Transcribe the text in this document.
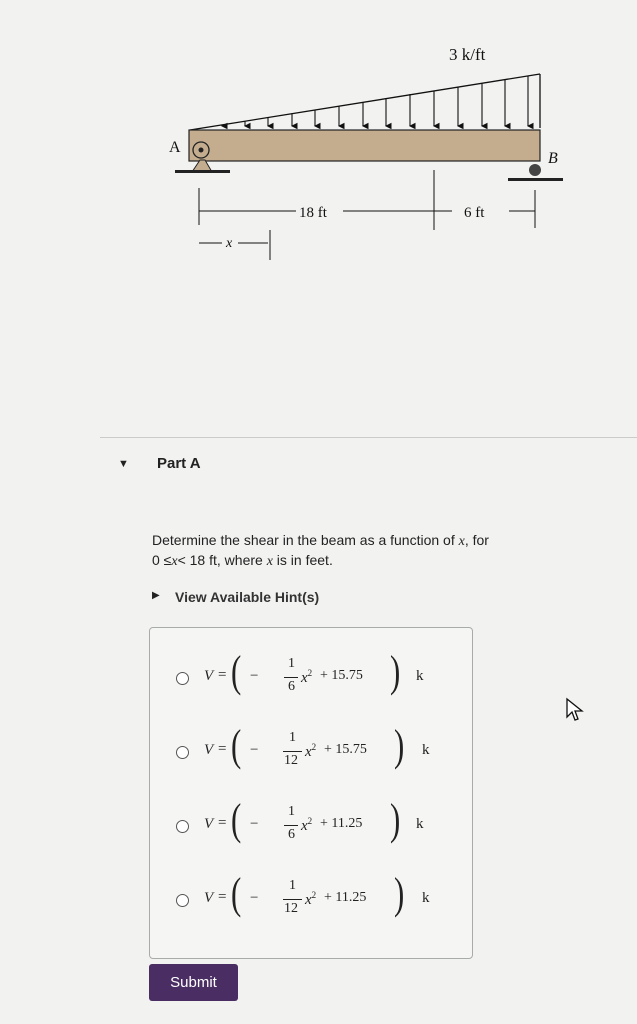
3 k/ft
A
B
18 ft	6 ft
x
▼ Part A
Determine the shear in the beam as a function of x, for
0 ≤x< 18 ft, where x is in feet.
▶ View Available Hint(s)
V = ( −
1
6
$x^2 + 15.75$ ) k
V = ( −
1
12
$x^2 + 15.75$ ) k
V = ( −
1
6
$x^2 + 11.25$ ) k
V = ( −
1
12
$x^2 + 11.25$ ) k
Submit
